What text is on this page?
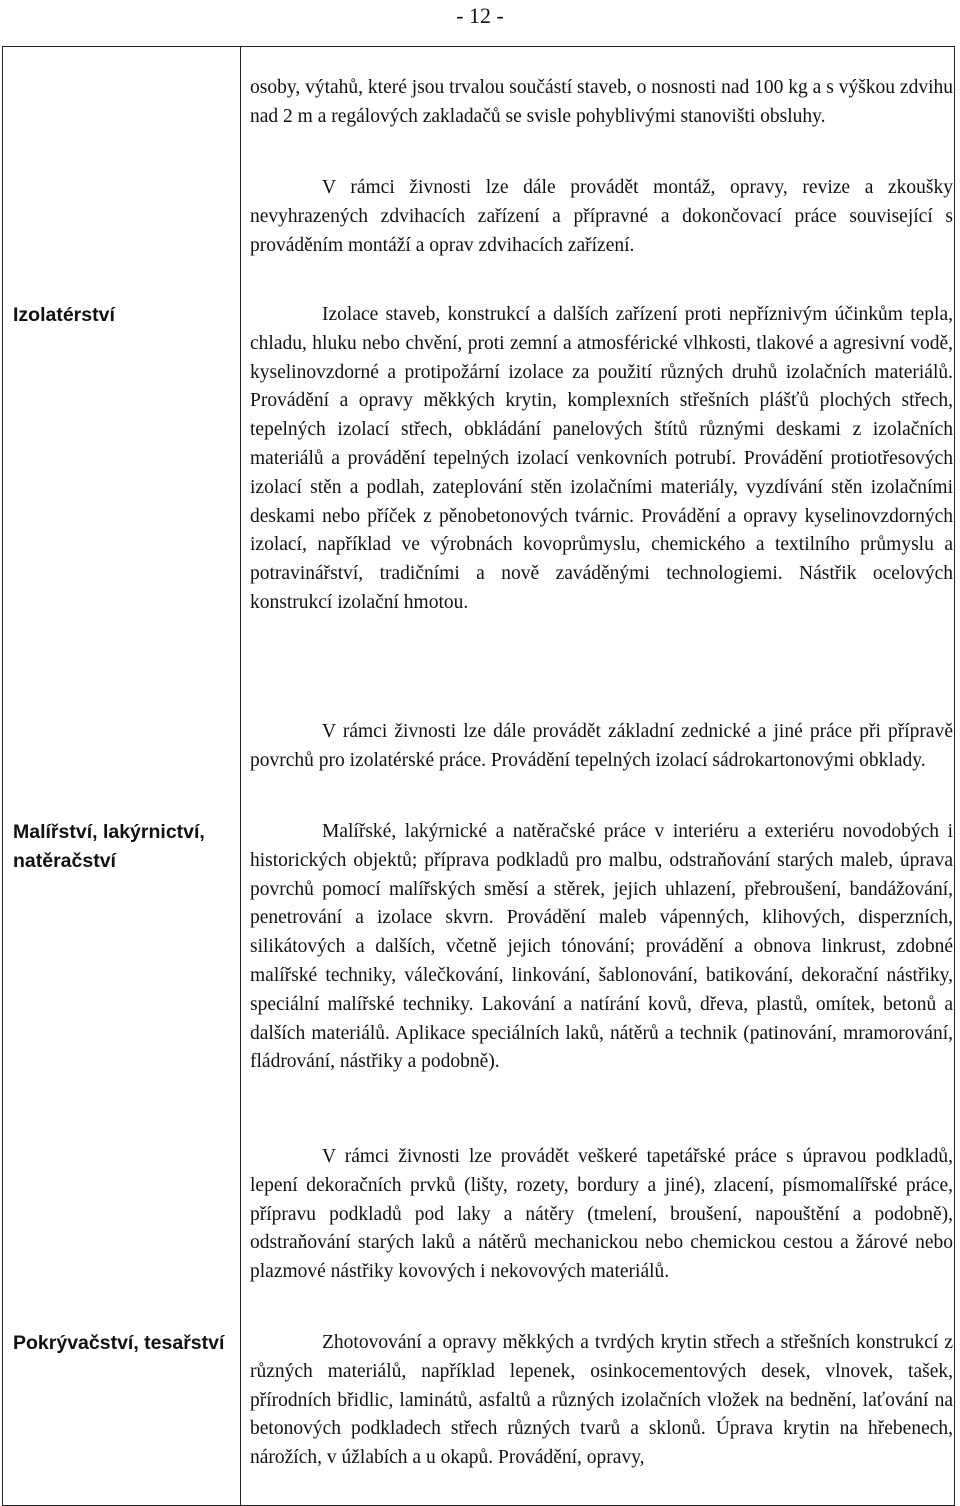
- 12 -
Izolatérství
Malířství, lakýrnictví, natěračství
Pokrývačství, tesařství
osoby, výtahů, které jsou trvalou součástí staveb, o nosnosti nad 100 kg a s výškou zdvihu nad 2 m a regálových zakladačů se svisle pohyblivými stanovišti obsluhy.
V rámci živnosti lze dále provádět montáž, opravy, revize a zkoušky nevyhrazených zdvihacích zařízení a přípravné a dokončovací práce související s prováděním montáží a oprav zdvihacích zařízení.
Izolace staveb, konstrukcí a dalších zařízení proti nepříznivým účinkům tepla, chladu, hluku nebo chvění, proti zemní a atmosférické vlhkosti, tlakové a agresivní vodě, kyselinovzdorné a protipožární izolace za použití různých druhů izolačních materiálů. Provádění a opravy měkkých krytin, komplexních střešních plášťů plochých střech, tepelných izolací střech, obkládání panelových štítů různými deskami z izolačních materiálů a provádění tepelných izolací venkovních potrubí. Provádění protiotřesových izolací stěn a podlah, zateplování stěn izolačními materiály, vyzdívání stěn izolačními deskami nebo příček z pěnobetonových tvárnic. Provádění a opravy kyselinovzdorných izolací, například ve výrobnách kovoprůmyslu, chemického a textilního průmyslu a potravinářství, tradičními a nově zaváděnými technologiemi. Nástřik ocelových konstrukcí izolační hmotou.
V rámci živnosti lze dále provádět základní zednické a jiné práce při přípravě povrchů pro izolatérské práce. Provádění tepelných izolací sádrokartonovými obklady.
Malířské, lakýrnické a natěračské práce v interiéru a exteriéru novodobých i historických objektů; příprava podkladů pro malbu, odstraňování starých maleb, úprava povrchů pomocí malířských směsí a stěrek, jejich uhlazení, přebroušení, bandážování, penetrování a izolace skvrn. Provádění maleb vápenných, klihových, disperzních, silikátových a dalších, včetně jejich tónování; provádění a obnova linkrust, zdobné malířské techniky, válečkování, linkování, šablonování, batikování, dekorační nástřiky, speciální malířské techniky. Lakování a natírání kovů, dřeva, plastů, omítek, betonů a dalších materiálů. Aplikace speciálních laků, nátěrů a technik (patinování, mramorování, fládrování, nástřiky a podobně).
V rámci živnosti lze provádět veškeré tapetářské práce s úpravou podkladů, lepení dekoračních prvků (lišty, rozety, bordury a jiné), zlacení, písmomalířské práce, přípravu podkladů pod laky a nátěry (tmelení, broušení, napouštění a podobně), odstraňování starých laků a nátěrů mechanickou nebo chemickou cestou a žárové nebo plazmové nástřiky kovových i nekovových materiálů.
Zhotovování a opravy měkkých a tvrdých krytin střech a střešních konstrukcí z různých materiálů, například lepenek, osinkocementových desek, vlnovek, tašek, přírodních břidlic, laminátů, asfaltů a různých izolačních vložek na bednění, laťování na betonových podkladech střech různých tvarů a sklonů. Úprava krytin na hřebenech, nárožích, v úžlabích a u okapů. Provádění, opravy,
